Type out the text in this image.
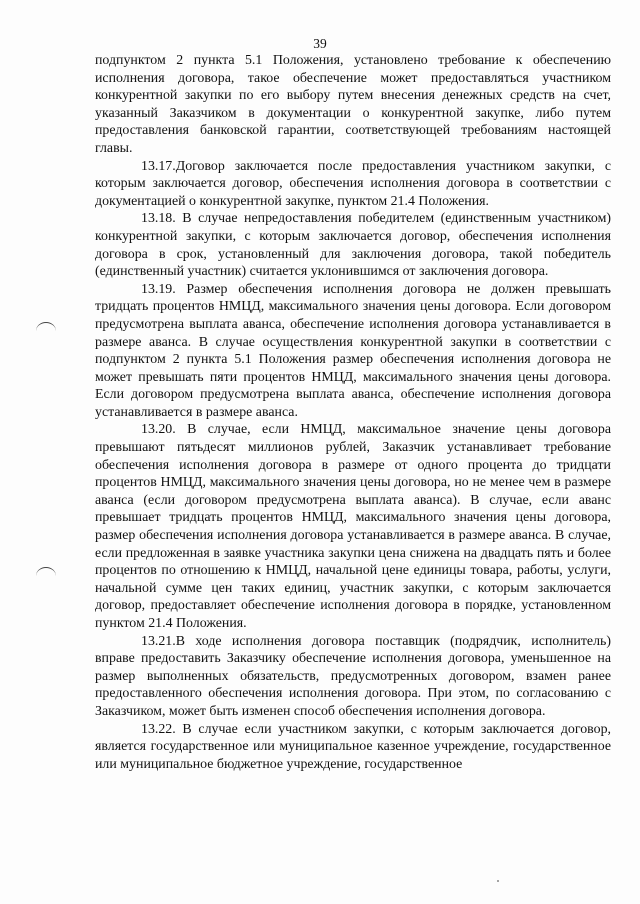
39

подпунктом 2 пункта 5.1 Положения, установлено требование к обеспечению исполнения договора, такое обеспечение может предоставляться участником конкурентной закупки по его выбору путем внесения денежных средств на счет, указанный Заказчиком в документации о конкурентной закупке, либо путем предоставления банковской гарантии, соответствующей требованиям настоящей главы.

13.17.Договор заключается после предоставления участником закупки, с которым заключается договор, обеспечения исполнения договора в соответствии с документацией о конкурентной закупке, пунктом 21.4 Положения.

13.18. В случае непредоставления победителем (единственным участником) конкурентной закупки, с которым заключается договор, обеспечения исполнения договора в срок, установленный для заключения договора, такой победитель (единственный участник) считается уклонившимся от заключения договора.

13.19. Размер обеспечения исполнения договора не должен превышать тридцать процентов НМЦД, максимального значения цены договора. Если договором предусмотрена выплата аванса, обеспечение исполнения договора устанавливается в размере аванса. В случае осуществления конкурентной закупки в соответствии с подпунктом 2 пункта 5.1 Положения размер обеспечения исполнения договора не может превышать пяти процентов НМЦД, максимального значения цены договора. Если договором предусмотрена выплата аванса, обеспечение исполнения договора устанавливается в размере аванса.

13.20. В случае, если НМЦД, максимальное значение цены договора превышают пятьдесят миллионов рублей, Заказчик устанавливает требование обеспечения исполнения договора в размере от одного процента до тридцати процентов НМЦД, максимального значения цены договора, но не менее чем в размере аванса (если договором предусмотрена выплата аванса). В случае, если аванс превышает тридцать процентов НМЦД, максимального значения цены договора, размер обеспечения исполнения договора устанавливается в размере аванса. В случае, если предложенная в заявке участника закупки цена снижена на двадцать пять и более процентов по отношению к НМЦД, начальной цене единицы товара, работы, услуги, начальной сумме цен таких единиц, участник закупки, с которым заключается договор, предоставляет обеспечение исполнения договора в порядке, установленном пунктом 21.4 Положения.

13.21.В ходе исполнения договора поставщик (подрядчик, исполнитель) вправе предоставить Заказчику обеспечение исполнения договора, уменьшенное на размер выполненных обязательств, предусмотренных договором, взамен ранее предоставленного обеспечения исполнения договора. При этом, по согласованию с Заказчиком, может быть изменен способ обеспечения исполнения договора.

13.22. В случае если участником закупки, с которым заключается договор, является государственное или муниципальное казенное учреждение, государственное или муниципальное бюджетное учреждение, государственное
